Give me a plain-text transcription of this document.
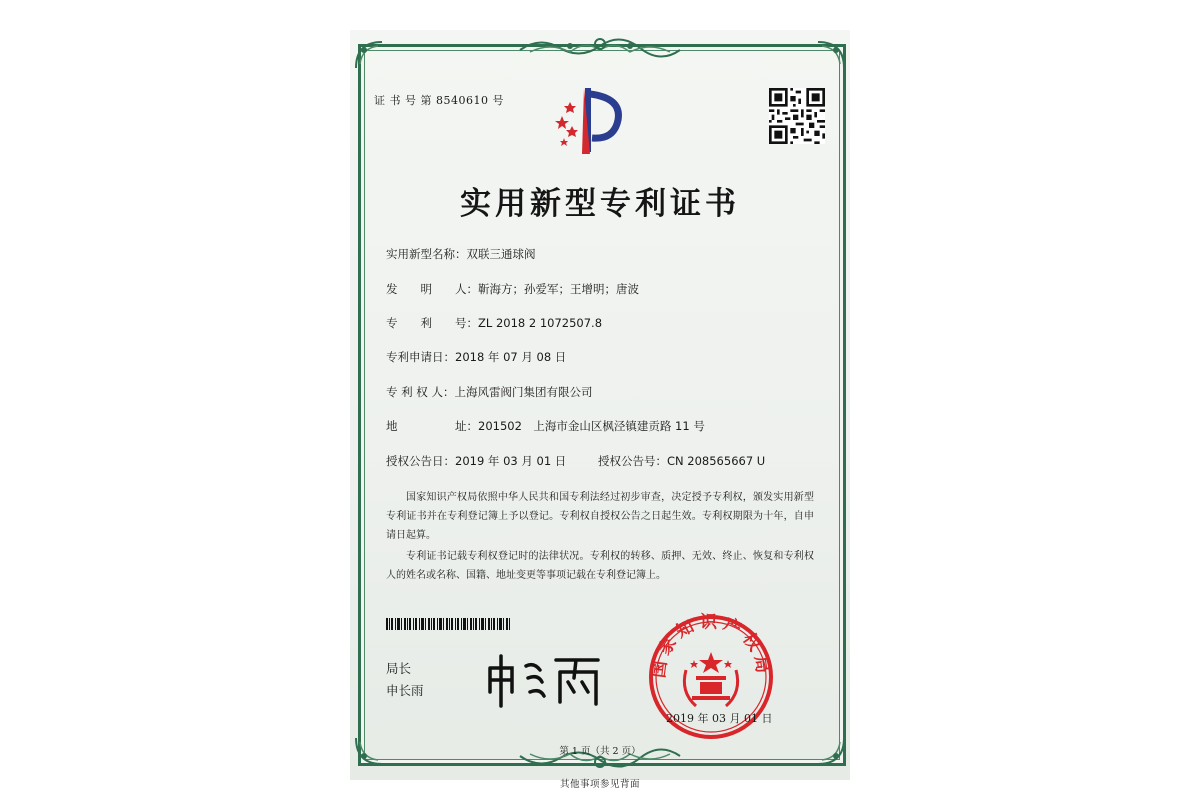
证 书 号 第 8540610 号
实用新型专利证书
实用新型名称：双联三通球阀
发　　明　　人：靳海方；孙爱军；王增明；唐波
专　　利　　号：ZL 2018 2 1072507.8
专利申请日：2018 年 07 月 08 日
专 利 权 人：上海风雷阀门集团有限公司
地　　　　　址：201502　上海市金山区枫泾镇建贡路 11 号
授权公告日：2019 年 03 月 01 日	授权公告号：CN 208565667 U
国家知识产权局依照中华人民共和国专利法经过初步审查，决定授予专利权，颁发实用新型专利证书并在专利登记簿上予以登记。专利权自授权公告之日起生效。专利权期限为十年，自申请日起算。
专利证书记载专利权登记时的法律状况。专利权的转移、质押、无效、终止、恢复和专利权人的姓名或名称、国籍、地址变更等事项记载在专利登记簿上。
局长
申长雨
国家知识产权局
2019 年 03 月 01 日
第 1 页（共 2 页）
其他事项参见背面
